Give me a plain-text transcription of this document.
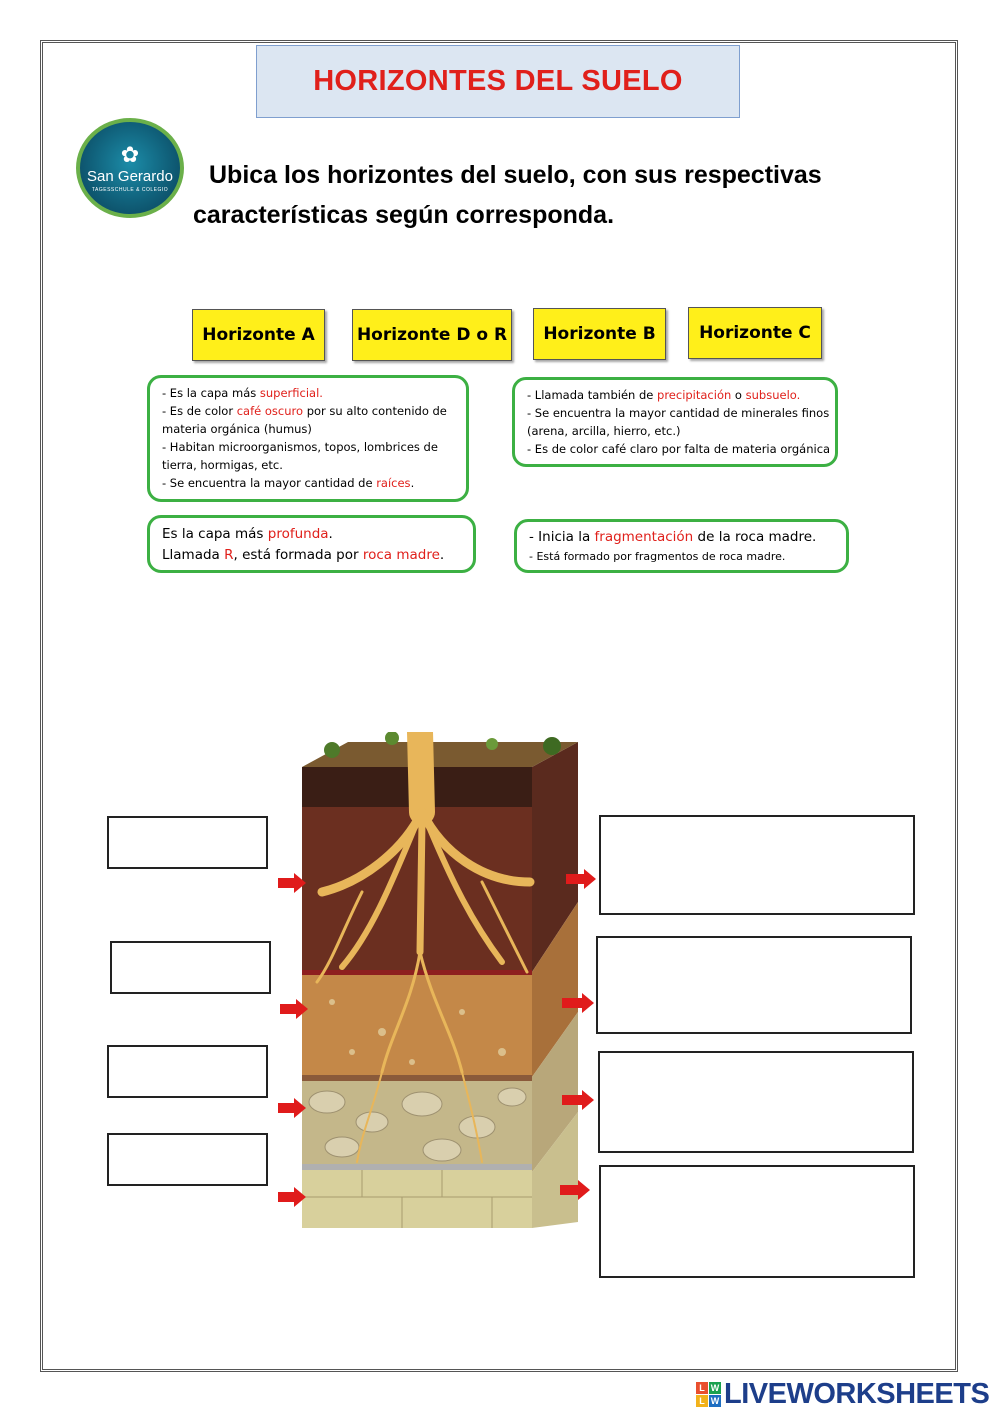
HORIZONTES DEL SUELO
✿
San Gerardo
TAGESSCHULE & COLEGIO
Ubica los horizontes del suelo, con sus respectivas
características según corresponda.
Horizonte A	Horizonte D o R	Horizonte B	Horizonte C
- Es la capa más superficial.
- Es de color café oscuro por su alto contenido de
materia orgánica (humus)
- Habitan microorganismos, topos, lombrices de
tierra, hormigas, etc.
- Se encuentra la mayor cantidad de raíces.
- Llamada también de precipitación o subsuelo.
- Se encuentra la mayor cantidad de minerales finos
(arena, arcilla, hierro, etc.)
- Es de color café claro por falta de materia orgánica
Es la capa más profunda.
Llamada R, está formada por roca madre.
- Inicia la fragmentación de la roca madre.
- Está formado por fragmentos de roca madre.
L W
L W LIVEWORKSHEETS
